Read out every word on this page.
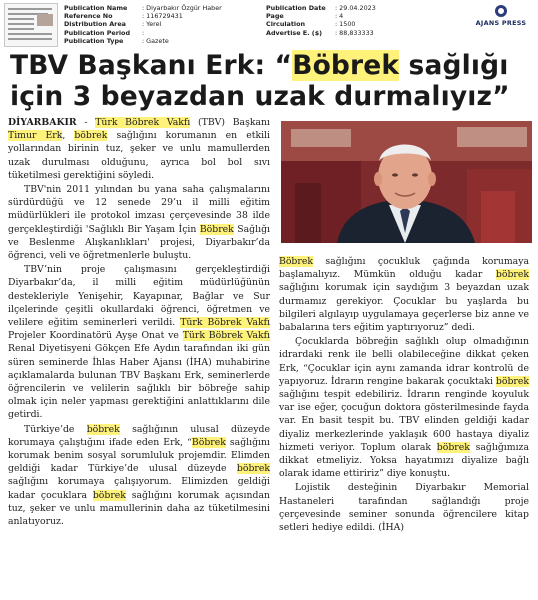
Publication Name : Diyarbakır Özgür Haber
Reference No	: 116729431
Distribution Area	: Yerel
Publication Period :
Publication Type	: Gazete
Publication Date : 29.04.2023
Page	: 4
Circulation	: 1500
Advertise E. ($) : 88,833333
AJANS PRESS
TBV Başkanı Erk: “Böbrek sağlığı
için 3 beyazdan uzak durmalıyız”

DİYARBAKIR - Türk Böbrek Vakfı (TBV) Başkanı Timur Erk, böbrek sağlığını korumanın en etkili yollarından birinin tuz, şeker ve unlu mamullerden uzak durulması olduğunu, ayrıca bol bol sıvı tüketilmesi gerektiğini söyledi.

TBV'nin 2011 yılından bu yana saha çalışmalarını sürdürdüğü ve 12 senede 29’u il milli eğitim müdürlükleri ile protokol imzası çerçevesinde 38 ilde gerçekleştirdiği 'Sağlıklı Bir Yaşam İçin Böbrek Sağlığı ve Beslenme Alışkanlıkları' projesi, Diyarbakır’da öğrenci, veli ve öğretmenlerle buluştu.

TBV’nin proje çalışmasını gerçekleştirdiği Diyarbakır’da, il milli eğitim müdürlüğünün destekleriyle Yenişehir, Kayapınar, Bağlar ve Sur ilçelerinde çeşitli okullardaki öğrenci, öğretmen ve velilere eğitim seminerleri verildi. Türk Böbrek Vakfı Projeler Koordinatörü Ayşe Onat ve Türk Böbrek Vakfı Renal Diyetisyeni Gökçen Efe Aydın tarafından iki gün süren seminerde İhlas Haber Ajansı (İHA) muhabirine açıklamalarda bulunan TBV Başkanı Erk, seminerlerde öğrencilerin ve velilerin sağlıklı bir böbreğe sahip olmak için neler yapması gerektiğini anlattıklarını dile getirdi.

Türkiye’de böbrek sağlığının ulusal düzeyde korumaya çalıştığını ifade eden Erk, “Böbrek sağlığını korumak benim sosyal sorumluluk projemdir. Elimden geldiği kadar Türkiye’de ulusal düzeyde böbrek sağlığını korumaya çalışıyorum. Elimizden geldiği kadar çocuklara böbrek sağlığını korumak açısından tuz, şeker ve unlu mamullerinin daha az tüketilmesini anlatıyoruz.

Böbrek sağlığını çocukluk çağında korumaya başlamalıyız. Mümkün olduğu kadar böbrek sağlığını korumak için saydığım 3 beyazdan uzak durmamız gerekiyor. Çocuklar bu yaşlarda bu bilgileri algılayıp uygulamaya geçerlerse biz anne ve babalarına ters eğitim yaptırıyoruz” dedi.

Çocuklarda böbreğin sağlıklı olup olmadığının idrardaki renk ile belli olabileceğine dikkat çeken Erk, “Çocuklar için aynı zamanda idrar kontrolü de yapıyoruz. İdrarın rengine bakarak çocuktaki böbrek sağlığını tespit edebiliriz. İdrarın renginde koyuluk var ise eğer, çocuğun doktora gösterilmesinde fayda var. En basit tespit bu. TBV elinden geldiği kadar diyaliz merkezlerinde yaklaşık 600 hastaya diyaliz hizmeti veriyor. Toplum olarak böbrek sağlığımıza dikkat etmeliyiz. Yoksa hayatımızı diyalize bağlı olarak idame ettiririz” diye konuştu.

Lojistik desteğinin Diyarbakır Memorial Hastaneleri tarafından sağlandığı proje çerçevesinde seminer sonunda öğrencilere kitap setleri hediye edildi. (İHA)
